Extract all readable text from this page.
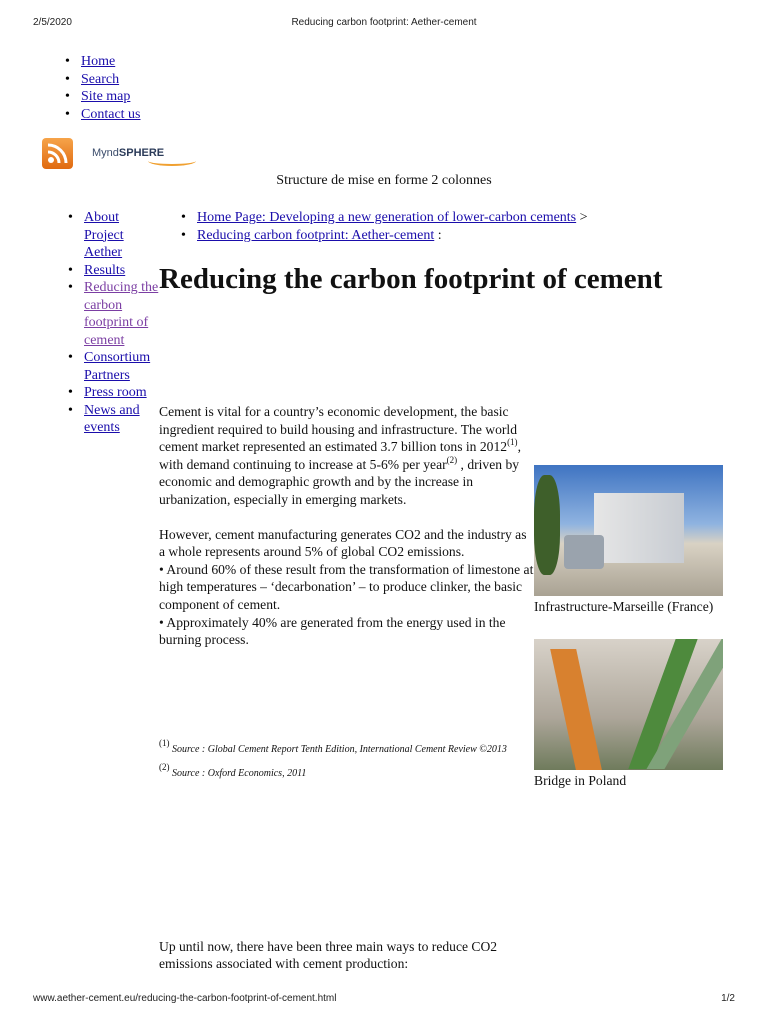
2/5/2020	Reducing carbon footprint: Aether-cement
• Home
• Search
• Site map
• Contact us
MyndSPHERE
Structure de mise en forme 2 colonnes
• About Project Aether
• Results
• Reducing the carbon footprint of cement
• Consortium Partners
• Press room
• News and events
• Home Page: Developing a new generation of lower-carbon cements >
• Reducing carbon footprint: Aether-cement :
Reducing the carbon footprint of cement

Cement is vital for a country’s economic development, the basic ingredient required to build housing and infrastructure. The world cement market represented an estimated 3.7 billion tons in 2012$^{(1)}$, with demand continuing to increase at 5-6% per year$^{(2)}$ , driven by economic and demographic growth and by the increase in urbanization, especially in emerging markets.

However, cement manufacturing generates CO2 and the industry as a whole represents around 5% of global CO2 emissions.

• Around 60% of these result from the transformation of limestone at high temperatures – ‘decarbonation’ – to produce clinker, the basic component of cement.

• Approximately 40% are generated from the energy used in the burning process.

$^{(1)}$ Source : Global Cement Report Tenth Edition, International Cement Review ©2013
$^{(2)}$ Source : Oxford Economics, 2011
Infrastructure-Marseille (France)
Bridge in Poland

Up until now, there have been three main ways to reduce CO2 emissions associated with cement production:

www.aether-cement.eu/reducing-the-carbon-footprint-of-cement.html	1/2
